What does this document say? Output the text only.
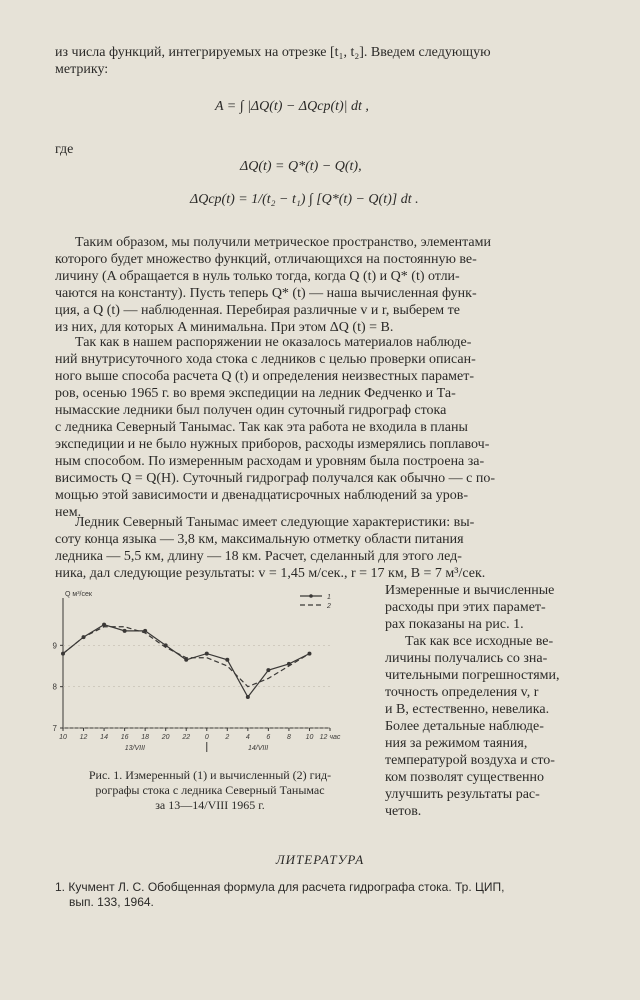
из числа функций, интегрируемых на отрезке [t₁, t₂]. Введем следующую
метрику:
A = ∫ |ΔQ(t) − ΔQср(t)| dt ,
где
ΔQ(t) = Q*(t) − Q(t),
ΔQср(t) = 1/(t₂ − t₁) ∫ [Q*(t) − Q(t)] dt .
Таким образом, мы получили метрическое пространство, элементами
которого будет множество функций, отличающихся на постоянную ве-
личину (A обращается в нуль только тогда, когда Q (t) и Q* (t) отли-
чаются на константу). Пусть теперь Q* (t) — наша вычисленная функ-
ция, а Q (t) — наблюденная. Перебирая различные v и r, выберем те
из них, для которых A минимальна. При этом ΔQ (t) = B.
Так как в нашем распоряжении не оказалось материалов наблюде-
ний внутрисуточного хода стока с ледников с целью проверки описан-
ного выше способа расчета Q (t) и определения неизвестных парамет-
ров, осенью 1965 г. во время экспедиции на ледник Федченко и Та-
нымасские ледники был получен один суточный гидрограф стока
с ледника Северный Танымас. Так как эта работа не входила в планы
экспедиции и не было нужных приборов, расходы измерялись поплавоч-
ным способом. По измеренным расходам и уровням была построена за-
висимость Q = Q(H). Суточный гидрограф получался как обычно — с по-
мощью этой зависимости и двенадцатисрочных наблюдений за уров-
нем.
Ледник Северный Танымас имеет следующие характеристики: вы-
соту конца языка — 3,8 км, максимальную отметку области питания
ледника — 5,5 км, длину — 18 км. Расчет, сделанный для этого лед-
ника, дал следующие результаты: v = 1,45 м/сек., r = 17 км, B = 7 м³/сек.
Измеренные и вычисленные
расходы при этих парамет-
рах показаны на рис. 1.
Так как все исходные ве-
личины получались со зна-
чительными погрешностями,
точность определения v, r
и B, естественно, невелика.
Более детальные наблюде-
ния за режимом таяния,
температурой воздуха и сто-
ком позволят существенно
улучшить результаты рас-
четов.
Q м³/сек
7
8
9
10 12 14 16 18 20 22 0 2 4 6 8 10 12 час
13/VIII	14/VIII
1
2
Рис. 1. Измеренный (1) и вычисленный (2) гид-
рографы стока с ледника Северный Танымас
за 13—14/VIII 1965 г.
ЛИТЕРАТУРА
1. Кучмент Л. С. Обобщенная формула для расчета гидрографа стока. Тр. ЦИП,
вып. 133, 1964.
